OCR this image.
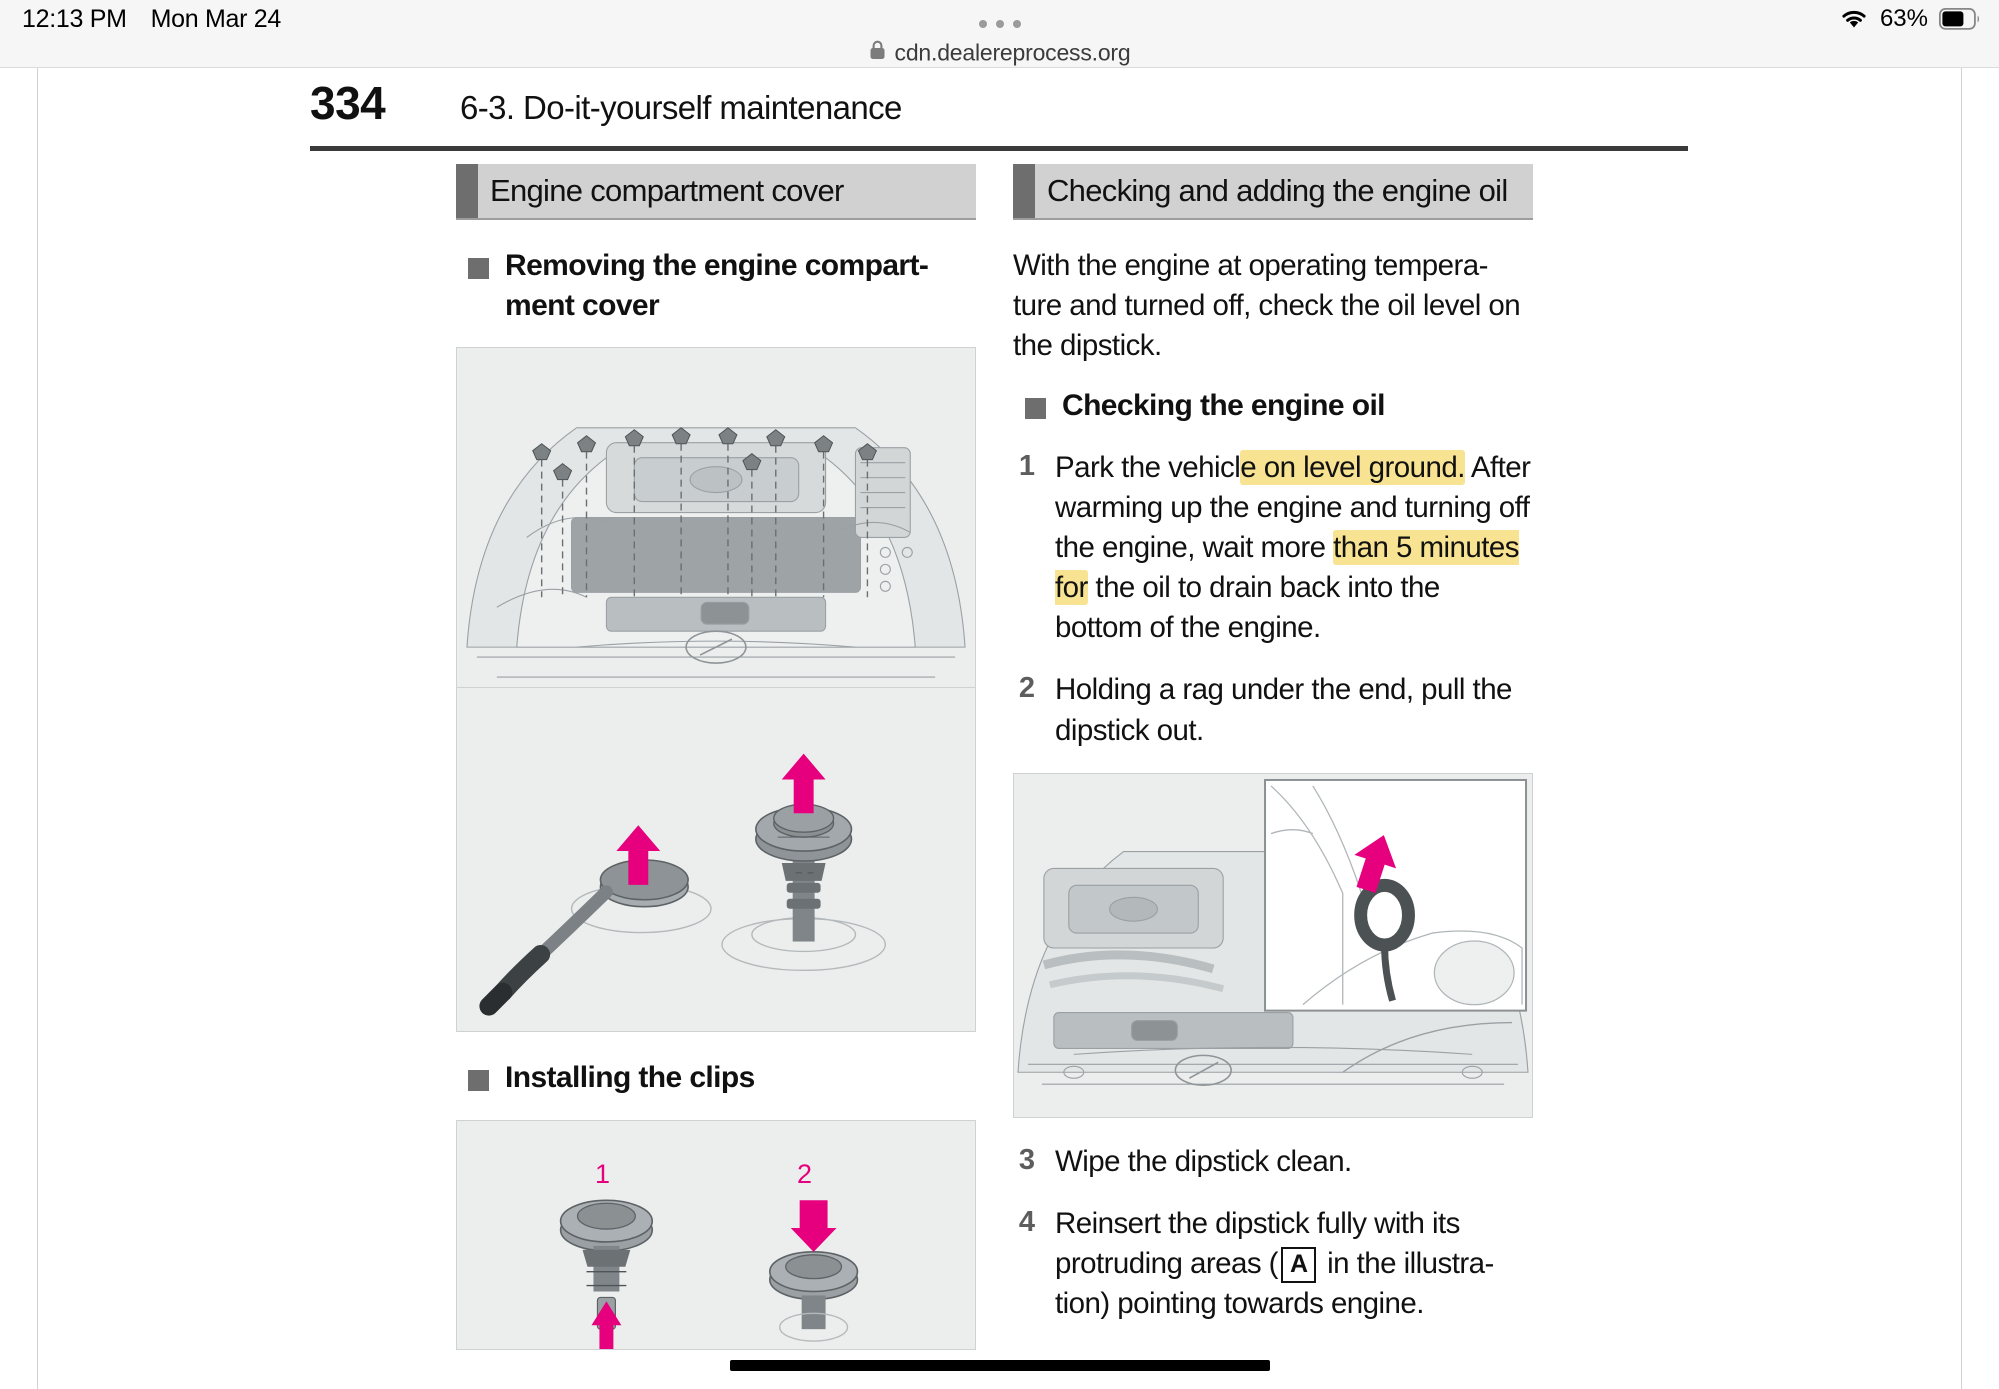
12:13 PM Mon Mar 24	63%
cdn.dealereprocess.org
334	6-3. Do-it-yourself maintenance
Engine compartment cover
Removing the engine compart-ment cover
Installing the clips
1	2
Checking and adding the engine oil

With the engine at operating tempera-ture and turned off, check the oil level on the dipstick.

Checking the engine oil
1 Park the vehicle on level ground. After warming up the engine and turning off the engine, wait more than 5 minutes for the oil to drain back into the bottom of the engine.
2 Holding a rag under the end, pull the dipstick out.
3 Wipe the dipstick clean.
4 Reinsert the dipstick fully with its protruding areas ( A in the illustra-tion) pointing towards engine.
